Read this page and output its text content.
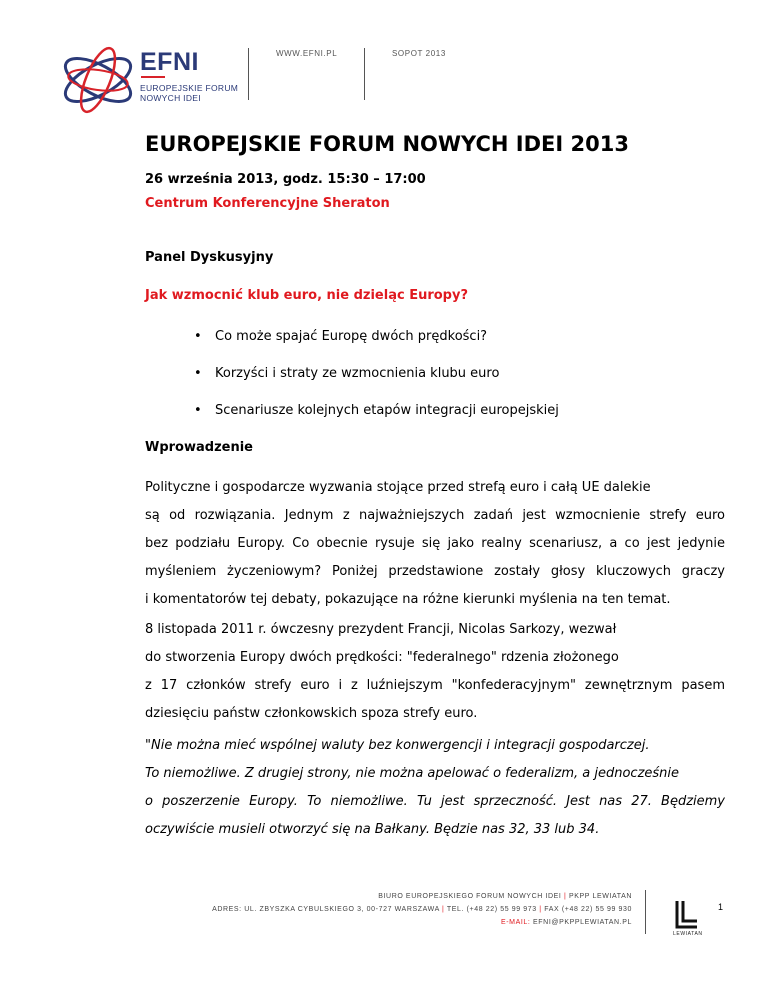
EFNI
EUROPEJSKIE FORUM
NOWYCH IDEI
WWW.EFNI.PL	SOPOT 2013
EUROPEJSKIE FORUM NOWYCH IDEI 2013
26 września 2013, godz. 15:30 – 17:00
Centrum Konferencyjne Sheraton
Panel Dyskusyjny
Jak wzmocnić klub euro, nie dzieląc Europy?
• Co może spajać Europę dwóch prędkości?
• Korzyści i straty ze wzmocnienia klubu euro
• Scenariusze kolejnych etapów integracji europejskiej
Wprowadzenie

Polityczne i gospodarcze wyzwania stojące przed strefą euro i całą UE dalekie
są od rozwiązania. Jednym z najważniejszych zadań jest wzmocnienie strefy euro
bez podziału Europy. Co obecnie rysuje się jako realny scenariusz, a co jest jedynie
myśleniem życzeniowym? Poniżej przedstawione zostały głosy kluczowych graczy
i komentatorów tej debaty, pokazujące na różne kierunki myślenia na ten temat.

8 listopada 2011 r. ówczesny prezydent Francji, Nicolas Sarkozy, wezwał
do stworzenia Europy dwóch prędkości: "federalnego" rdzenia złożonego
z 17 członków strefy euro i z luźniejszym "konfederacyjnym" zewnętrznym pasem
dziesięciu państw członkowskich spoza strefy euro.

"Nie można mieć wspólnej waluty bez konwergencji i integracji gospodarczej.
To niemożliwe. Z drugiej strony, nie można apelować o federalizm, a jednocześnie
o poszerzenie Europy. To niemożliwe. Tu jest sprzeczność. Jest nas 27. Będziemy
oczywiście musieli otworzyć się na Bałkany. Będzie nas 32, 33 lub 34.

BIURO EUROPEJSKIEGO FORUM NOWYCH IDEI | PKPP LEWIATAN
ADRES: UL. ZBYSZKA CYBULSKIEGO 3, 00-727 WARSZAWA | TEL. (+48 22) 55 99 973 | FAX (+48 22) 55 99 930
E-MAIL: EFNI@PKPPLEWIATAN.PL
LEWIATAN
1
